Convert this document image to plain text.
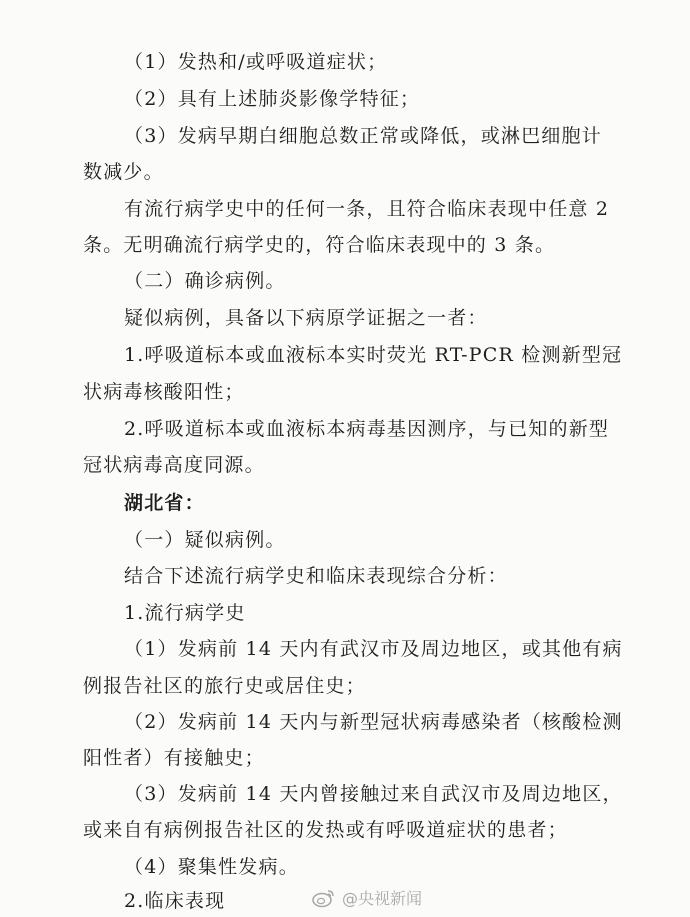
（1）发热和/或呼吸道症状；
（2）具有上述肺炎影像学特征；
（3）发病早期白细胞总数正常或降低，或淋巴细胞计
数减少。
有流行病学史中的任何一条，且符合临床表现中任意 2
条。无明确流行病学史的，符合临床表现中的 3 条。
（二）确诊病例。
疑似病例，具备以下病原学证据之一者：
1.呼吸道标本或血液标本实时荧光 RT-PCR 检测新型冠
状病毒核酸阳性；
2.呼吸道标本或血液标本病毒基因测序，与已知的新型
冠状病毒高度同源。
湖北省：
（一）疑似病例。
结合下述流行病学史和临床表现综合分析：
1.流行病学史
（1）发病前 14 天内有武汉市及周边地区，或其他有病
例报告社区的旅行史或居住史；
（2）发病前 14 天内与新型冠状病毒感染者（核酸检测
阳性者）有接触史；
（3）发病前 14 天内曾接触过来自武汉市及周边地区，
或来自有病例报告社区的发热或有呼吸道症状的患者；
（4）聚集性发病。
2.临床表现	@央视新闻
